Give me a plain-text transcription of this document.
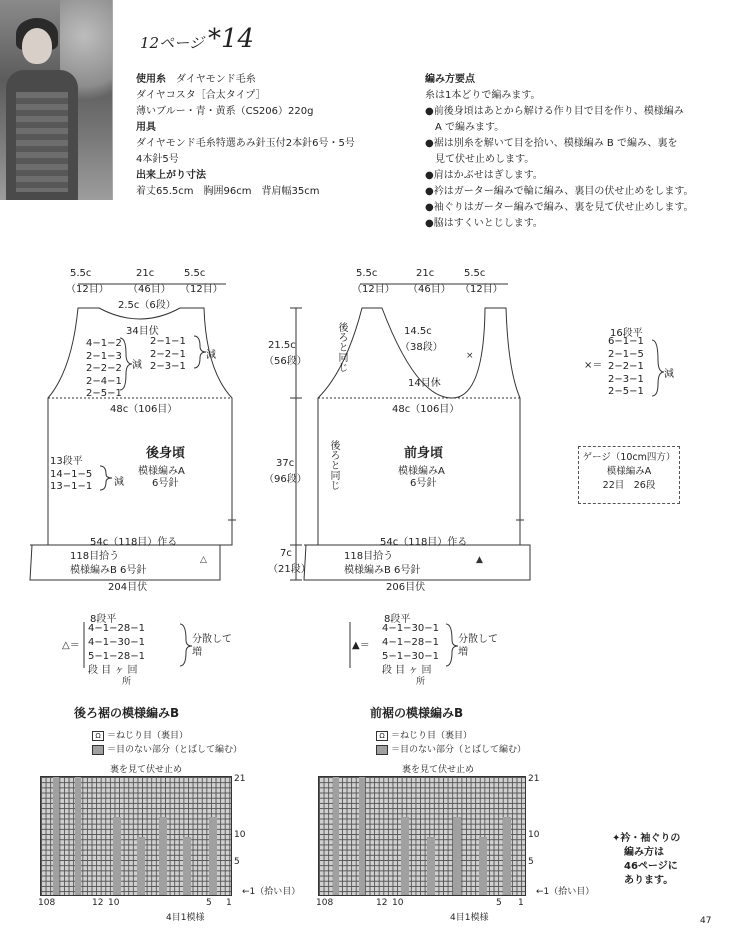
12ページ *14
使用糸　 ダイヤモンド毛糸
ダイヤコスタ［合太タイプ］
薄いブルー・青・黄系（CS206）220g
用具
ダイヤモンド毛糸特選あみ針玉付2本針6号・5号
4本針5号
出来上がり寸法
着丈65.5cm　胸囲96cm　背肩幅35cm
編み方要点
糸は1本どりで編みます。
●前後身頃はあとから解ける作り目で目を作り、模様編み
A で編みます。
●裾は別糸を解いて目を拾い、模様編み B で編み、裏を
見て伏せ止めします。
●肩はかぶせはぎします。
●衿はガーター編みで輪に編み、裏目の伏せ止めをします。
●袖ぐりはガーター編みで編み、裏を見て伏せ止めします。
●脇はすくいとじします。
△	▲
×
5.5c
（12目）
21c
（46目）
5.5c
（12目）
2.5c（6段）
34目伏
4−1−2
2−1−3
2−2−2
2−4−1
2−5−1
減
2−1−1
2−2−1
2−3−1
減
48c（106目）
後身頃
模様編みA
6号針
13段平
14−1−5
13−1−1 減
54c（118目）作る
118目拾う
模様編みB 6号針
204目伏
21.5c
（56段）
37c
（96段）
7c
（21段）
5.5c
（12目）
21c
（46目）
5.5c
（12目）
14.5c
（38段）
14目休
後ろと同じ
48c（106目）
前身頃
模様編みA
6号針
後ろと同じ
54c（118目）作る
118目拾う
模様編みB 6号針
206目伏
16段平
×＝
6−1−1
2−1−5
2−2−1
2−3−1
2−5−1
減
ゲージ（10cm四方）
模様編みA
22目　26段
8段平
△＝
4−1−28−1
4−1−30−1
5−1−28−1
段 目 ヶ 回
所
分散して
増
8段平
▲＝
4−1−30−1
4−1−28−1
5−1−30−1
段 目 ヶ 回
所
分散して
増
後ろ裾の模様編みB
Ω ＝ねじり目（裏目）
＝目のない部分（とばして編む）
裏を見て伏せ止め
21
10
5
←1（拾い目）
108	12 10	5 1
4目1模様
前裾の模様編みB
Ω ＝ねじり目（裏目）
＝目のない部分（とばして編む）
裏を見て伏せ止め
21
10
5
←1（拾い目）
108	12 10	5 1
4目1模様
✦衿・袖ぐりの
編み方は
46ページに
あります。
47
